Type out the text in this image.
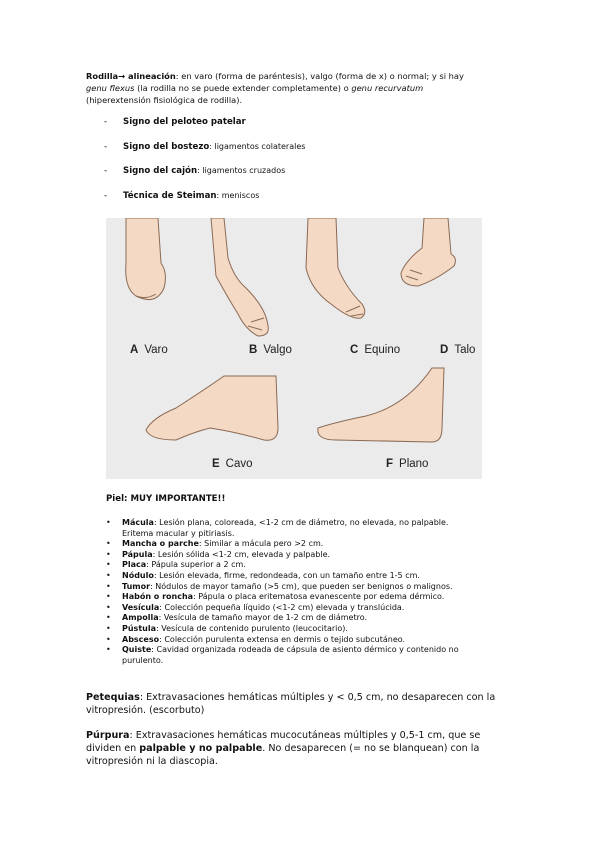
Rodilla→ alineación: en varo (forma de paréntesis), valgo (forma de x) o normal; y si hay
genu flexus (la rodilla no se puede extender completamente) o genu recurvatum
(hiperextensión fisiológica de rodilla).
- Signo del peloteo patelar
- Signo del bostezo: ligamentos colaterales
- Signo del cajón: ligamentos cruzados
- Técnica de Steiman: meniscos
A Varo	B Valgo	C Equino	D Talo
E Cavo	F Plano
Piel: MUY IMPORTANTE!!
• Mácula: Lesión plana, coloreada, <1-2 cm de diámetro, no elevada, no palpable.
Eritema macular y pitiriasis.
• Mancha o parche: Similar a mácula pero >2 cm.
• Pápula: Lesión sólida <1-2 cm, elevada y palpable.
• Placa: Pápula superior a 2 cm.
• Nódulo: Lesión elevada, firme, redondeada, con un tamaño entre 1-5 cm.
• Tumor: Nódulos de mayor tamaño (>5 cm), que pueden ser benignos o malignos.
• Habón o roncha: Pápula o placa eritematosa evanescente por edema dérmico.
• Vesícula: Colección pequeña líquido (<1-2 cm) elevada y translúcida.
• Ampolla: Vesícula de tamaño mayor de 1-2 cm de diámetro.
• Pústula: Vesícula de contenido purulento (leucocitario).
• Absceso: Colección purulenta extensa en dermis o tejido subcutáneo.
• Quiste: Cavidad organizada rodeada de cápsula de asiento dérmico y contenido no
purulento.
Petequias: Extravasaciones hemáticas múltiples y < 0,5 cm, no desaparecen con la vitropresión. (escorbuto)
Púrpura: Extravasaciones hemáticas mucocutáneas múltiples y 0,5-1 cm, que se dividen en palpable y no palpable. No desaparecen (= no se blanquean) con la vitropresión ni la diascopia.
